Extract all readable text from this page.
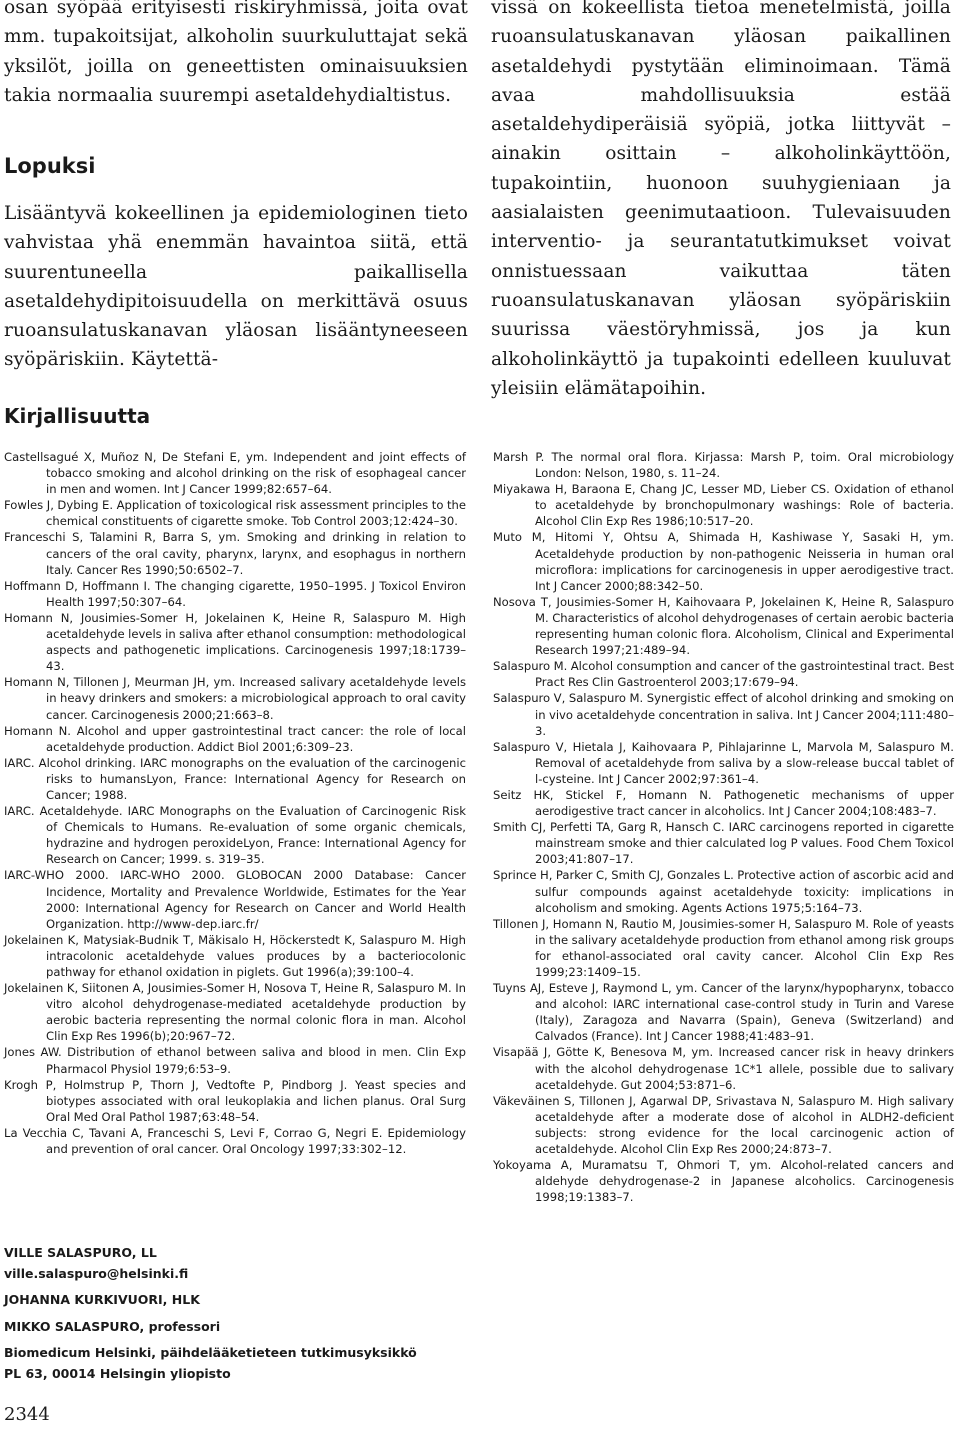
osan syöpää erityisesti riskiryhmissä, joita ovat mm. tupakoitsijat, alkoholin suurkuluttajat sekä yksilöt, joilla on geneettisten ominaisuuksien takia normaalia suurempi asetaldehydialtistus.

Lopuksi

Lisääntyvä kokeellinen ja epidemiologinen tieto vahvistaa yhä enemmän havaintoa siitä, että suurentuneella paikallisella asetaldehydipitoisuudella on merkittävä osuus ruoansulatuskanavan yläosan lisääntyneeseen syöpäriskiin. Käytettä-

vissä on kokeellista tietoa menetelmistä, joilla ruoansulatuskanavan yläosan paikallinen asetaldehydi pystytään eliminoimaan. Tämä avaa mahdollisuuksia estää asetaldehydiperäisiä syöpiä, jotka liittyvät – ainakin osittain – alkoholinkäyttöön, tupakointiin, huonoon suuhygieniaan ja aasialaisten geenimutaatioon. Tulevaisuuden interventio- ja seurantatutkimukset voivat onnistuessaan vaikuttaa täten ruoansulatuskanavan yläosan syöpäriskiin suurissa väestöryhmissä, jos ja kun alkoholinkäyttö ja tupakointi edelleen kuuluvat yleisiin elämätapoihin.

Kirjallisuutta

Castellsagué X, Muñoz N, De Stefani E, ym. Independent and joint effects of tobacco smoking and alcohol drinking on the risk of esophageal cancer in men and women. Int J Cancer 1999;82:657–64.

Fowles J, Dybing E. Application of toxicological risk assessment principles to the chemical constituents of cigarette smoke. Tob Control 2003;12:424–30.

Franceschi S, Talamini R, Barra S, ym. Smoking and drinking in relation to cancers of the oral cavity, pharynx, larynx, and esophagus in northern Italy. Cancer Res 1990;50:6502–7.

Hoffmann D, Hoffmann I. The changing cigarette, 1950–1995. J Toxicol Environ Health 1997;50:307–64.

Homann N, Jousimies-Somer H, Jokelainen K, Heine R, Salaspuro M. High acetaldehyde levels in saliva after ethanol consumption: methodological aspects and pathogenetic implications. Carcinogenesis 1997;18:1739–43.

Homann N, Tillonen J, Meurman JH, ym. Increased salivary acetaldehyde levels in heavy drinkers and smokers: a microbiological approach to oral cavity cancer. Carcinogenesis 2000;21:663–8.

Homann N. Alcohol and upper gastrointestinal tract cancer: the role of local acetaldehyde production. Addict Biol 2001;6:309–23.

IARC. Alcohol drinking. IARC monographs on the evaluation of the carcinogenic risks to humansLyon, France: International Agency for Research on Cancer; 1988.

IARC. Acetaldehyde. IARC Monographs on the Evaluation of Carcinogenic Risk of Chemicals to Humans. Re-evaluation of some organic chemicals, hydrazine and hydrogen peroxideLyon, France: International Agency for Research on Cancer; 1999. s. 319–35.

IARC-WHO 2000. IARC-WHO 2000. GLOBOCAN 2000 Database: Cancer Incidence, Mortality and Prevalence Worldwide, Estimates for the Year 2000: International Agency for Research on Cancer and World Health Organization. http://www-dep.iarc.fr/

Jokelainen K, Matysiak-Budnik T, Mäkisalo H, Höckerstedt K, Salaspuro M. High intracolonic acetaldehyde values produces by a bacteriocolonic pathway for ethanol oxidation in piglets. Gut 1996(a);39:100–4.

Jokelainen K, Siitonen A, Jousimies-Somer H, Nosova T, Heine R, Salaspuro M. In vitro alcohol dehydrogenase-mediated acetaldehyde production by aerobic bacteria representing the normal colonic flora in man. Alcohol Clin Exp Res 1996(b);20:967–72.

Jones AW. Distribution of ethanol between saliva and blood in men. Clin Exp Pharmacol Physiol 1979;6:53–9.

Krogh P, Holmstrup P, Thorn J, Vedtofte P, Pindborg J. Yeast species and biotypes associated with oral leukoplakia and lichen planus. Oral Surg Oral Med Oral Pathol 1987;63:48–54.

La Vecchia C, Tavani A, Franceschi S, Levi F, Corrao G, Negri E. Epidemiology and prevention of oral cancer. Oral Oncology 1997;33:302–12.

Marsh P. The normal oral flora. Kirjassa: Marsh P, toim. Oral microbiology London: Nelson, 1980, s. 11–24.

Miyakawa H, Baraona E, Chang JC, Lesser MD, Lieber CS. Oxidation of ethanol to acetaldehyde by bronchopulmonary washings: Role of bacteria. Alcohol Clin Exp Res 1986;10:517–20.

Muto M, Hitomi Y, Ohtsu A, Shimada H, Kashiwase Y, Sasaki H, ym. Acetaldehyde production by non-pathogenic Neisseria in human oral microflora: implications for carcinogenesis in upper aerodigestive tract. Int J Cancer 2000;88:342–50.

Nosova T, Jousimies-Somer H, Kaihovaara P, Jokelainen K, Heine R, Salaspuro M. Characteristics of alcohol dehydrogenases of certain aerobic bacteria representing human colonic flora. Alcoholism, Clinical and Experimental Research 1997;21:489–94.

Salaspuro M. Alcohol consumption and cancer of the gastrointestinal tract. Best Pract Res Clin Gastroenterol 2003;17:679–94.

Salaspuro V, Salaspuro M. Synergistic effect of alcohol drinking and smoking on in vivo acetaldehyde concentration in saliva. Int J Cancer 2004;111:480–3.

Salaspuro V, Hietala J, Kaihovaara P, Pihlajarinne L, Marvola M, Salaspuro M. Removal of acetaldehyde from saliva by a slow-release buccal tablet of l-cysteine. Int J Cancer 2002;97:361–4.

Seitz HK, Stickel F, Homann N. Pathogenetic mechanisms of upper aerodigestive tract cancer in alcoholics. Int J Cancer 2004;108:483–7.

Smith CJ, Perfetti TA, Garg R, Hansch C. IARC carcinogens reported in cigarette mainstream smoke and thier calculated log P values. Food Chem Toxicol 2003;41:807–17.

Sprince H, Parker C, Smith CJ, Gonzales L. Protective action of ascorbic acid and sulfur compounds against acetaldehyde toxicity: implications in alcoholism and smoking. Agents Actions 1975;5:164–73.

Tillonen J, Homann N, Rautio M, Jousimies-somer H, Salaspuro M. Role of yeasts in the salivary acetaldehyde production from ethanol among risk groups for ethanol-associated oral cavity cancer. Alcohol Clin Exp Res 1999;23:1409–15.

Tuyns AJ, Esteve J, Raymond L, ym. Cancer of the larynx/hypopharynx, tobacco and alcohol: IARC international case-control study in Turin and Varese (Italy), Zaragoza and Navarra (Spain), Geneva (Switzerland) and Calvados (France). Int J Cancer 1988;41:483–91.

Visapää J, Götte K, Benesova M, ym. Increased cancer risk in heavy drinkers with the alcohol dehydrogenase 1C*1 allele, possible due to salivary acetaldehyde. Gut 2004;53:871–6.

Väkeväinen S, Tillonen J, Agarwal DP, Srivastava N, Salaspuro M. High salivary acetaldehyde after a moderate dose of alcohol in ALDH2-deficient subjects: strong evidence for the local carcinogenic action of acetaldehyde. Alcohol Clin Exp Res 2000;24:873–7.

Yokoyama A, Muramatsu T, Ohmori T, ym. Alcohol-related cancers and aldehyde dehydrogenase-2 in Japanese alcoholics. Carcinogenesis 1998;19:1383–7.

VILLE SALASPURO, LL
ville.salaspuro@helsinki.fi
JOHANNA KURKIVUORI, HLK
MIKKO SALASPURO, professori
Biomedicum Helsinki, päihdelääketieteen tutkimusyksikkö
PL 63, 00014 Helsingin yliopisto
2344
